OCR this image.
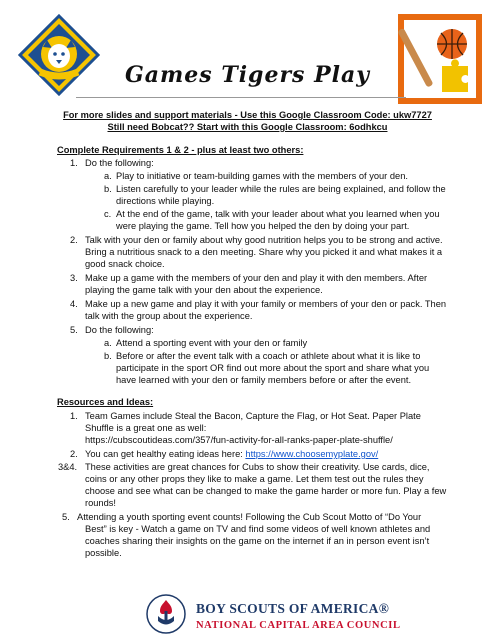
Games Tigers Play
For more slides and support materials - Use this Google Classroom Code: ukw7727
Still need Bobcat?? Start with this Google Classroom: 6odhkcu
Complete Requirements 1 & 2 - plus at least two others:
1. Do the following:
a. Play to initiative or team-building games with the members of your den.
b. Listen carefully to your leader while the rules are being explained, and follow the
directions while playing.
c. At the end of the game, talk with your leader about what you learned when you
were playing the game. Tell how you helped the den by doing your part.
2. Talk with your den or family about why good nutrition helps you to be strong and active.
Bring a nutritious snack to a den meeting. Share why you picked it and what makes it a
good snack choice.
3. Make up a game with the members of your den and play it with den members. After
playing the game talk with your den about the experience.
4. Make up a new game and play it with your family or members of your den or pack. Then
talk with the group about the experience.
5. Do the following:
a. Attend a sporting event with your den or family
b. Before or after the event talk with a coach or athlete about what it is like to
participate in the sport OR find out more about the sport and share what you
have learned with your den or family members before or after the event.
Resources and Ideas:
1. Team Games include Steal the Bacon, Capture the Flag, or Hot Seat. Paper Plate
Shuffle is a great one as well:
https://cubscoutideas.com/357/fun-activity-for-all-ranks-paper-plate-shuffle/
2. You can get healthy eating ideas here: https://www.choosemyplate.gov/
3&4. These activities are great chances for Cubs to show their creativity. Use cards, dice,
coins or any other props they like to make a game. Let them test out the rules they
choose and see what can be changed to make the game harder or more fun. Play a few
rounds!
5. Attending a youth sporting event counts! Following the Cub Scout Motto of “Do Your
Best” is key - Watch a game on TV and find some videos of well known athletes and
coaches sharing their insights on the game on the internet if an in person event isn’t
possible.
BOY SCOUTS OF AMERICA®
NATIONAL CAPITAL AREA COUNCIL
